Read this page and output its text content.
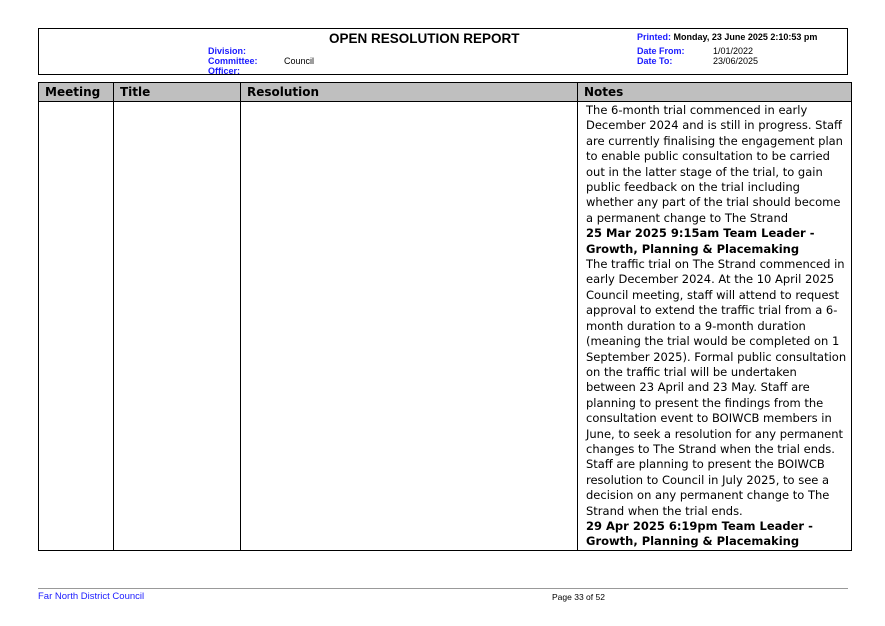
OPEN RESOLUTION REPORT
Division:
Committee:	Council
Officer:
Printed: Monday, 23 June 2025 2:10:53 pm
Date From:	1/01/2022
Date To:	23/06/2025
Meeting	Title	Resolution	Notes

			The 6-month trial commenced in early December 2024 and is still in progress. Staff are currently finalising the engagement plan to enable public consultation to be carried out in the latter stage of the trial, to gain public feedback on the trial including whether any part of the trial should become a permanent change to The Strand

25 Mar 2025 9:15am Team Leader - Growth, Planning & Placemaking

The traffic trial on The Strand commenced in early December 2024. At the 10 April 2025 Council meeting, staff will attend to request approval to extend the traffic trial from a 6-month duration to a 9-month duration (meaning the trial would be completed on 1 September 2025). Formal public consultation on the traffic trial will be undertaken between 23 April and 23 May. Staff are planning to present the findings from the consultation event to BOIWCB members in June, to seek a resolution for any permanent changes to The Strand when the trial ends. Staff are planning to present the BOIWCB resolution to Council in July 2025, to see a decision on any permanent change to The Strand when the trial ends.

29 Apr 2025 6:19pm Team Leader - Growth, Planning & Placemaking

Far North District Council	Page 33 of 52
